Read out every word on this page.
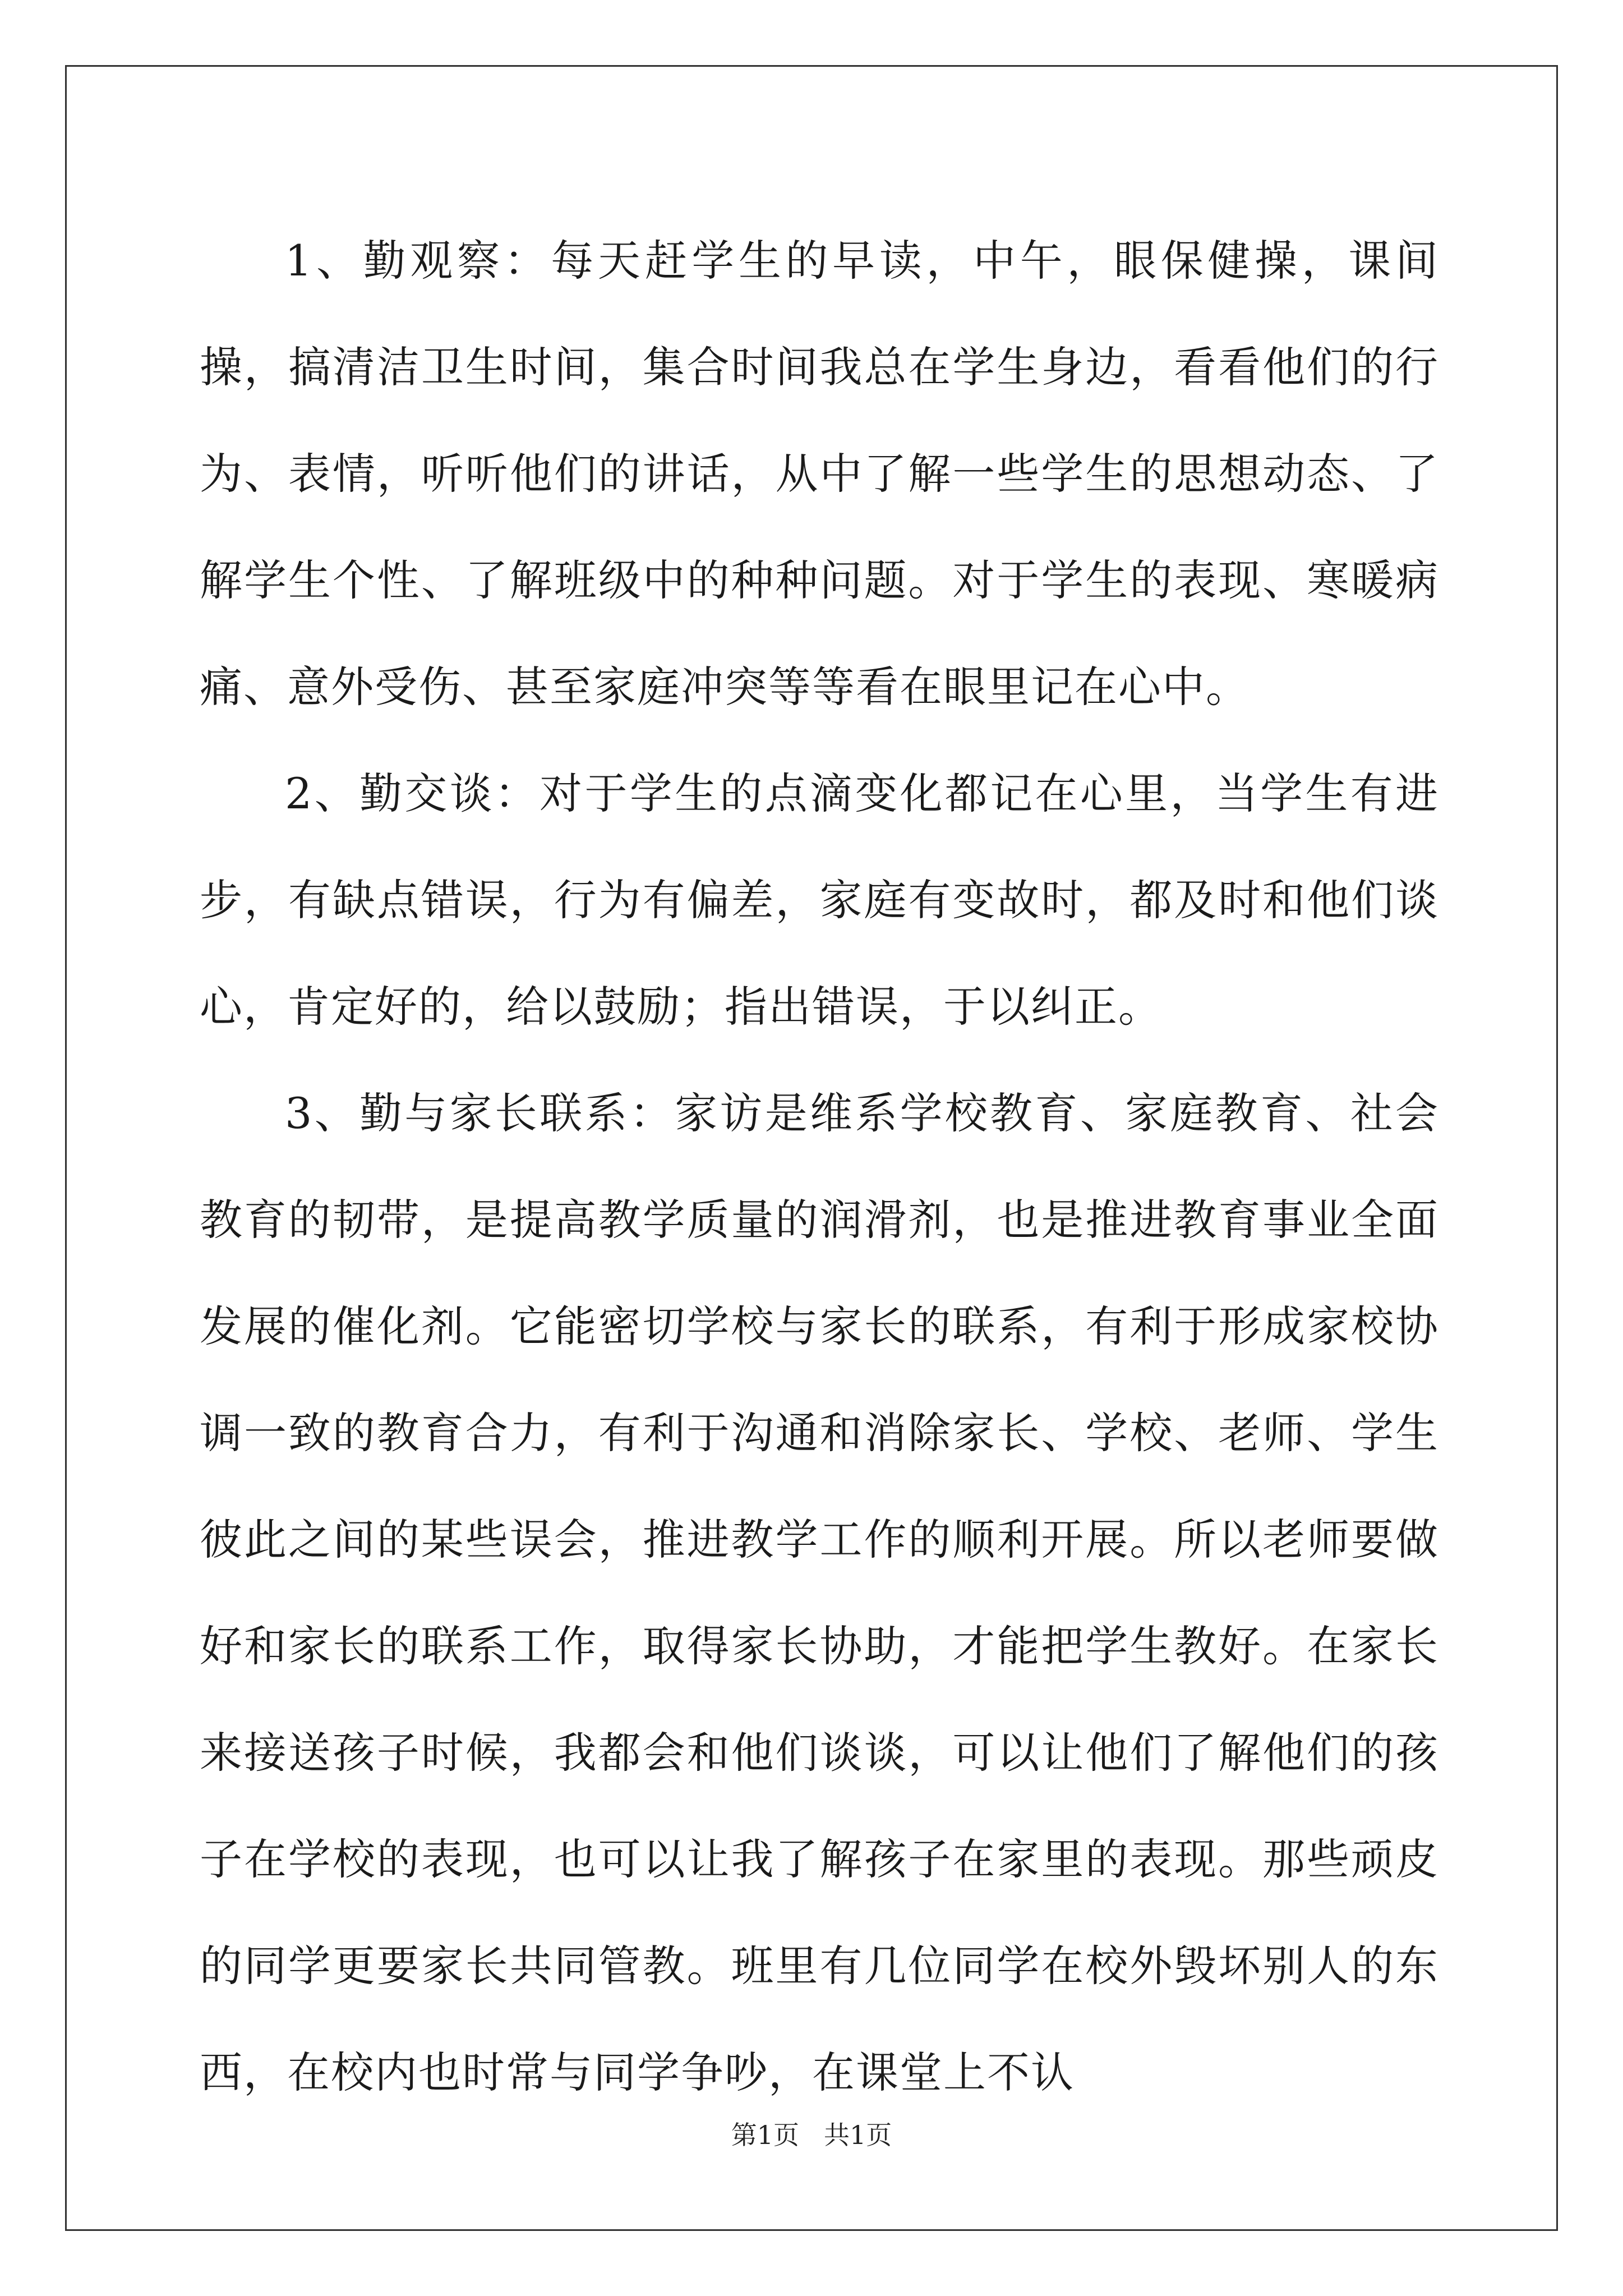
1、勤观察：每天赶学生的早读，中午，眼保健操，课间操，搞清洁卫生时间，集合时间我总在学生身边，看看他们的行为、表情，听听他们的讲话，从中了解一些学生的思想动态、了解学生个性、了解班级中的种种问题。对于学生的表现、寒暖病痛、意外受伤、甚至家庭冲突等等看在眼里记在心中。

2、勤交谈：对于学生的点滴变化都记在心里，当学生有进步，有缺点错误，行为有偏差，家庭有变故时，都及时和他们谈心，肯定好的，给以鼓励；指出错误，于以纠正。

3、勤与家长联系：家访是维系学校教育、家庭教育、社会教育的韧带，是提高教学质量的润滑剂，也是推进教育事业全面发展的催化剂。它能密切学校与家长的联系，有利于形成家校协调一致的教育合力，有利于沟通和消除家长、学校、老师、学生彼此之间的某些误会，推进教学工作的顺利开展。所以老师要做好和家长的联系工作，取得家长协助，才能把学生教好。在家长来接送孩子时候，我都会和他们谈谈，可以让他们了解他们的孩子在学校的表现，也可以让我了解孩子在家里的表现。那些顽皮的同学更要家长共同管教。班里有几位同学在校外毁坏别人的东西，在校内也时常与同学争吵，在课堂上不认

第1页 共1页
